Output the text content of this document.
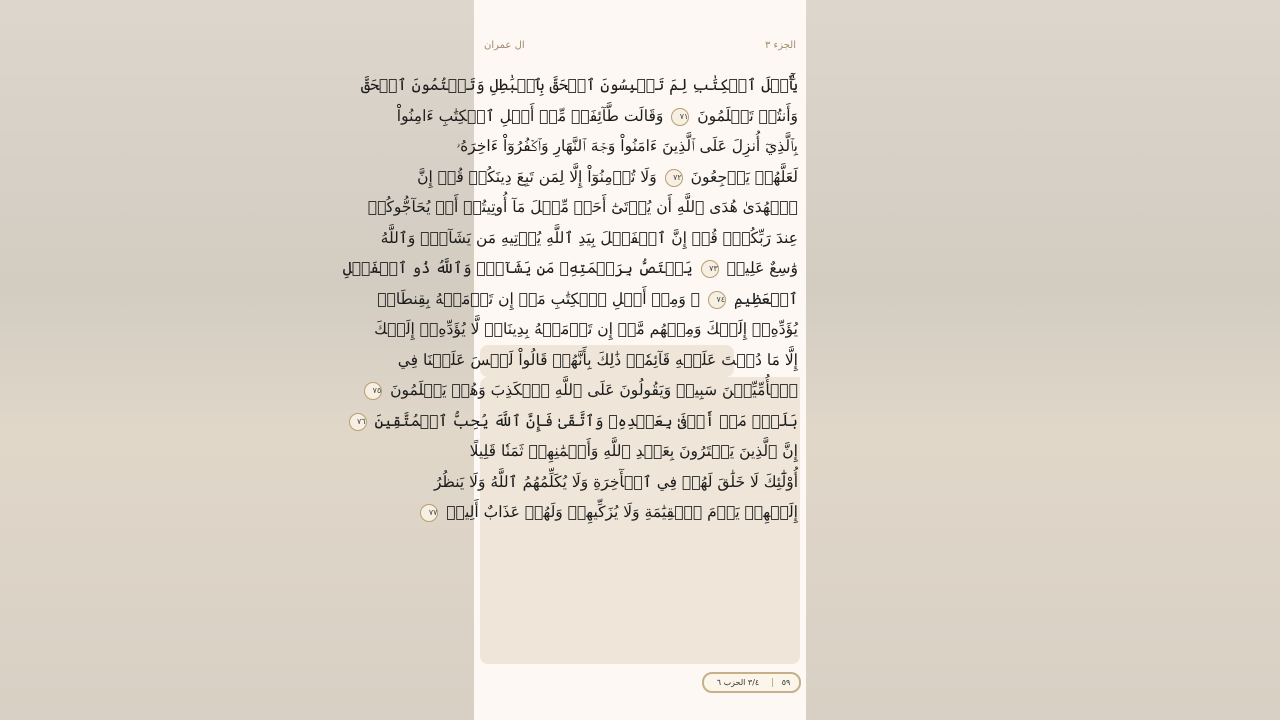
الجزء ٣
ال عمران
يَٰٓأَهۡلَ ٱلۡكِتَٰبِ لِمَ تَلۡبِسُونَ ٱلۡحَقَّ بِٱلۡبَٰطِلِ وَتَكۡتُمُونَ ٱلۡحَقَّ
وَأَنتُمۡ تَعۡلَمُونَ ٧١ وَقَالَت طَّآئِفَةٞ مِّنۡ أَهۡلِ ٱلۡكِتَٰبِ ءَامِنُواْ
بِٱلَّذِيٓ أُنزِلَ عَلَى ٱلَّذِينَ ءَامَنُواْ وَجۡهَ ٱلنَّهَارِ وَٱكۡفُرُوٓاْ ءَاخِرَهُۥ
لَعَلَّهُمۡ يَرۡجِعُونَ ٧٢ وَلَا تُؤۡمِنُوٓاْ إِلَّا لِمَن تَبِعَ دِينَكُمۡ قُلۡ إِنَّ
ٱلۡهُدَىٰ هُدَى ٱللَّهِ أَن يُؤۡتَىٰٓ أَحَدٞ مِّثۡلَ مَآ أُوتِيتُمۡ أَوۡ يُحَآجُّوكُمۡ
عِندَ رَبِّكُمۡۗ قُلۡ إِنَّ ٱلۡفَضۡلَ بِيَدِ ٱللَّهِ يُؤۡتِيهِ مَن يَشَآءُۗ وَٱللَّهُ
وَٰسِعٌ عَلِيمٞ ٧٣ يَخۡتَصُّ بِرَحۡمَتِهِۦ مَن يَشَآءُۗ وَٱللَّهُ ذُو ٱلۡفَضۡلِ
ٱلۡعَظِيمِ ٧٤ ۞ وَمِنۡ أَهۡلِ ٱلۡكِتَٰبِ مَنۡ إِن تَأۡمَنۡهُ بِقِنطَارٖ
يُؤَدِّهِۦٓ إِلَيۡكَ وَمِنۡهُم مَّنۡ إِن تَأۡمَنۡهُ بِدِينَارٖ لَّا يُؤَدِّهِۦٓ إِلَيۡكَ
إِلَّا مَا دُمۡتَ عَلَيۡهِ قَآئِمٗاۗ ذَٰلِكَ بِأَنَّهُمۡ قَالُواْ لَيۡسَ عَلَيۡنَا فِي
ٱلۡأُمِّيِّـۧنَ سَبِيلٞ وَيَقُولُونَ عَلَى ٱللَّهِ ٱلۡكَذِبَ وَهُمۡ يَعۡلَمُونَ ٧٥
بَلَىٰۚ مَنۡ أَوۡفَىٰ بِعَهۡدِهِۦ وَٱتَّقَىٰ فَإِنَّ ٱللَّهَ يُحِبُّ ٱلۡمُتَّقِينَ ٧٦
إِنَّ ٱلَّذِينَ يَشۡتَرُونَ بِعَهۡدِ ٱللَّهِ وَأَيۡمَٰنِهِمۡ ثَمَنٗا قَلِيلًا
أُوْلَٰٓئِكَ لَا خَلَٰقَ لَهُمۡ فِي ٱلۡأٓخِرَةِ وَلَا يُكَلِّمُهُمُ ٱللَّهُ وَلَا يَنظُرُ
إِلَيۡهِمۡ يَوۡمَ ٱلۡقِيَٰمَةِ وَلَا يُزَكِّيهِمۡ وَلَهُمۡ عَذَابٌ أَلِيمٞ ٧٧
٥٩
٣/٤ الحزب ٦
